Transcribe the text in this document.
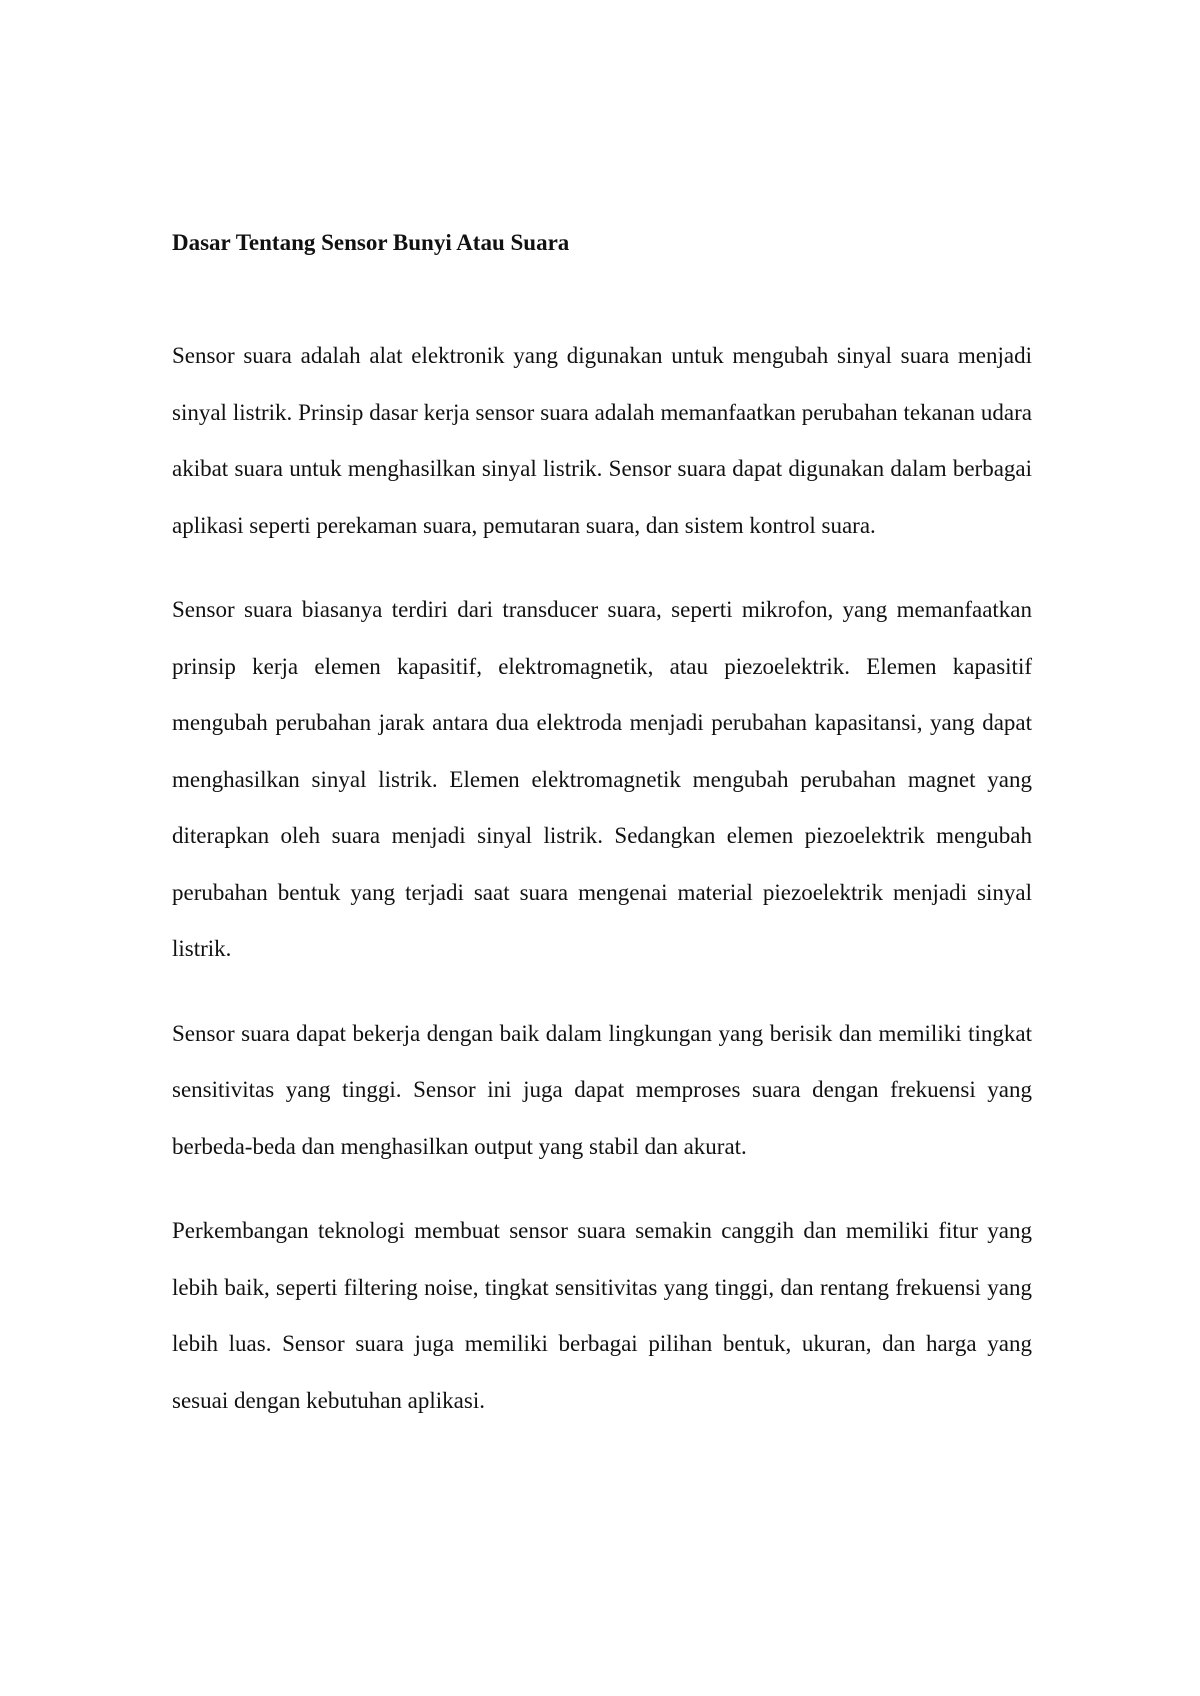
Dasar Tentang Sensor Bunyi Atau Suara

Sensor suara adalah alat elektronik yang digunakan untuk mengubah sinyal suara menjadi sinyal listrik. Prinsip dasar kerja sensor suara adalah memanfaatkan perubahan tekanan udara akibat suara untuk menghasilkan sinyal listrik. Sensor suara dapat digunakan dalam berbagai aplikasi seperti perekaman suara, pemutaran suara, dan sistem kontrol suara.

Sensor suara biasanya terdiri dari transducer suara, seperti mikrofon, yang memanfaatkan prinsip kerja elemen kapasitif, elektromagnetik, atau piezoelektrik. Elemen kapasitif mengubah perubahan jarak antara dua elektroda menjadi perubahan kapasitansi, yang dapat menghasilkan sinyal listrik. Elemen elektromagnetik mengubah perubahan magnet yang diterapkan oleh suara menjadi sinyal listrik. Sedangkan elemen piezoelektrik mengubah perubahan bentuk yang terjadi saat suara mengenai material piezoelektrik menjadi sinyal listrik.

Sensor suara dapat bekerja dengan baik dalam lingkungan yang berisik dan memiliki tingkat sensitivitas yang tinggi. Sensor ini juga dapat memproses suara dengan frekuensi yang berbeda-beda dan menghasilkan output yang stabil dan akurat.

Perkembangan teknologi membuat sensor suara semakin canggih dan memiliki fitur yang lebih baik, seperti filtering noise, tingkat sensitivitas yang tinggi, dan rentang frekuensi yang lebih luas. Sensor suara juga memiliki berbagai pilihan bentuk, ukuran, dan harga yang sesuai dengan kebutuhan aplikasi.
